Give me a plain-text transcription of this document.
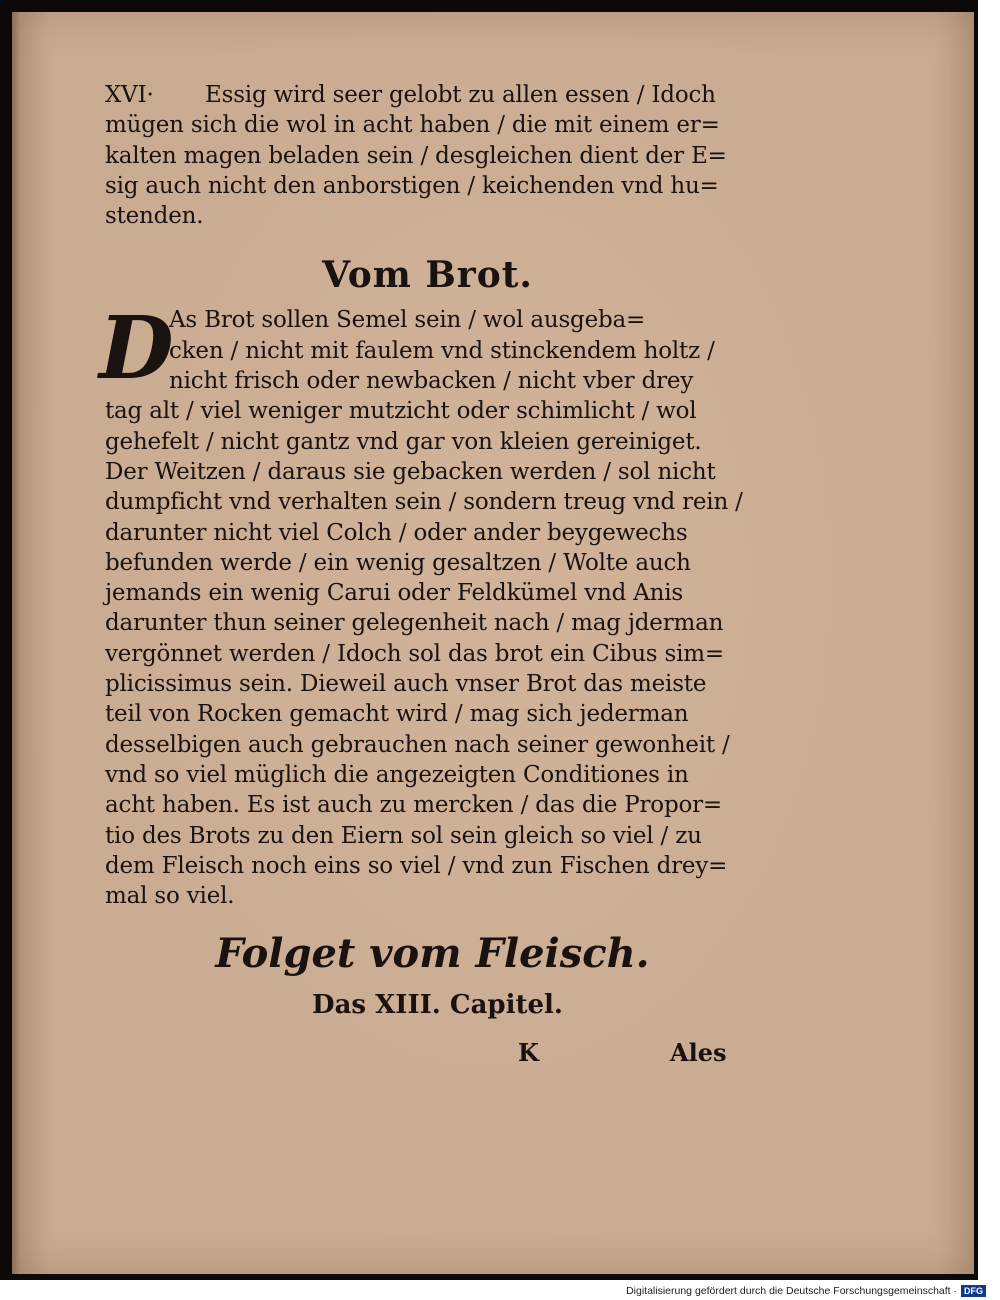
XVI· Essig wird seer gelobt zu allen essen / Idoch
mügen sich die wol in acht haben / die mit einem er=
kalten magen beladen sein / desgleichen dient der E=
sig auch nicht den anborstigen / keichenden vnd hu=
stenden.
Vom Brot.
D
As Brot sollen Semel sein / wol ausgeba=
cken / nicht mit faulem vnd stinckendem holtz /
nicht frisch oder newbacken / nicht vber drey
tag alt / viel weniger mutzicht oder schimlicht / wol
gehefelt / nicht gantz vnd gar von kleien gereiniget.
Der Weitzen / daraus sie gebacken werden / sol nicht
dumpficht vnd verhalten sein / sondern treug vnd rein /
darunter nicht viel Colch / oder ander beygewechs
befunden werde / ein wenig gesaltzen / Wolte auch
jemands ein wenig Carui oder Feldkümel vnd Anis
darunter thun seiner gelegenheit nach / mag jderman
vergönnet werden / Idoch sol das brot ein Cibus sim=
plicissimus sein. Dieweil auch vnser Brot das meiste
teil von Rocken gemacht wird / mag sich jederman
desselbigen auch gebrauchen nach seiner gewonheit /
vnd so viel müglich die angezeigten Conditiones in
acht haben. Es ist auch zu mercken / das die Propor=
tio des Brots zu den Eiern sol sein gleich so viel / zu
dem Fleisch noch eins so viel / vnd zun Fischen drey=
mal so viel.
Folget vom Fleisch.
Das XIII. Capitel.
K	Ales
Digitalisierung gefördert durch die Deutsche Forschungsgemeinschaft · DFG
